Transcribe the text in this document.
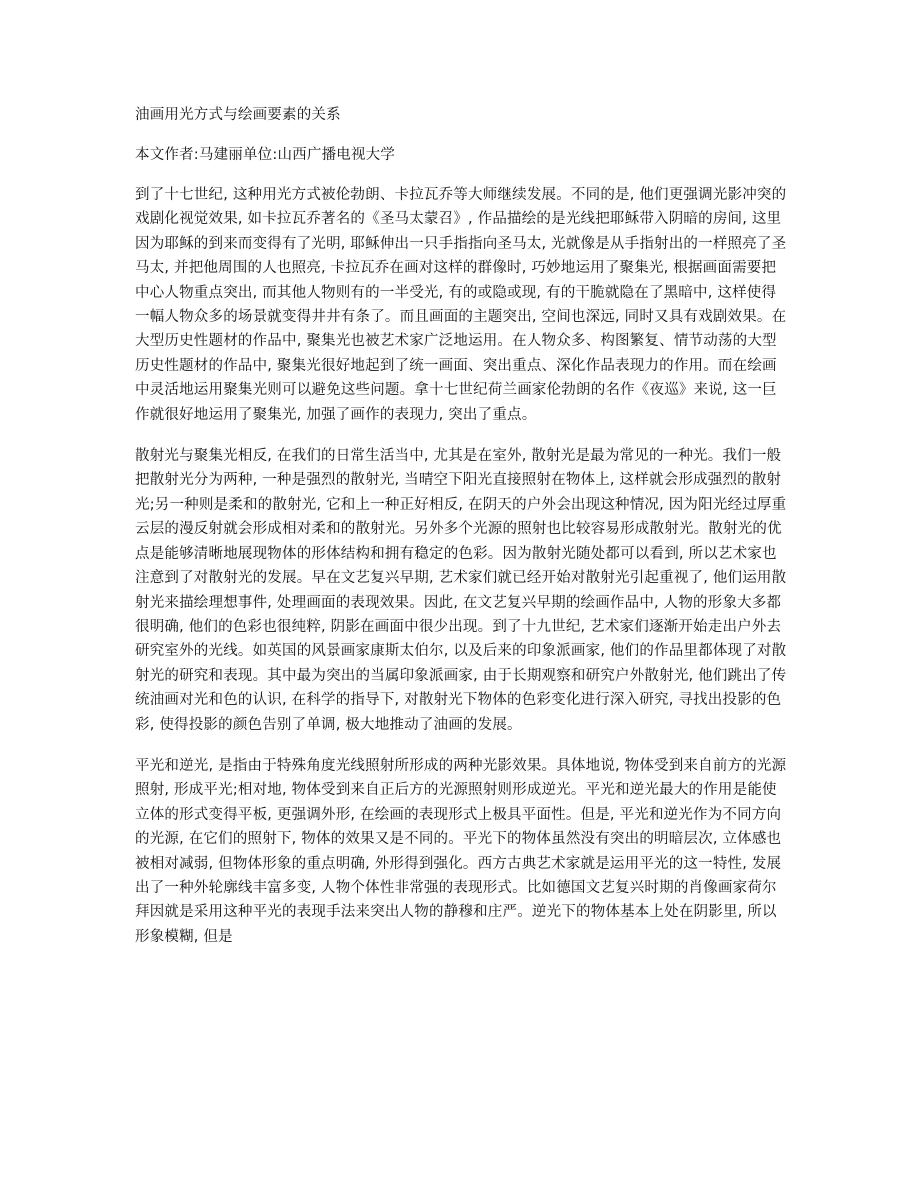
油画用光方式与绘画要素的关系
本文作者:马建丽单位:山西广播电视大学
到了十七世纪, 这种用光方式被伦勃朗、卡拉瓦乔等大师继续发展。不同的是, 他们更强调光影冲突的戏剧化视觉效果, 如卡拉瓦乔著名的《圣马太蒙召》, 作品描绘的是光线把耶稣带入阴暗的房间, 这里因为耶稣的到来而变得有了光明, 耶稣伸出一只手指指向圣马太, 光就像是从手指射出的一样照亮了圣马太, 并把他周围的人也照亮, 卡拉瓦乔在画对这样的群像时, 巧妙地运用了聚集光, 根据画面需要把中心人物重点突出, 而其他人物则有的一半受光, 有的或隐或现, 有的干脆就隐在了黑暗中, 这样使得一幅人物众多的场景就变得井井有条了。而且画面的主题突出, 空间也深远, 同时又具有戏剧效果。在大型历史性题材的作品中, 聚集光也被艺术家广泛地运用。在人物众多、构图繁复、情节动荡的大型历史性题材的作品中, 聚集光很好地起到了统一画面、突出重点、深化作品表现力的作用。而在绘画中灵活地运用聚集光则可以避免这些问题。拿十七世纪荷兰画家伦勃朗的名作《夜巡》来说, 这一巨作就很好地运用了聚集光, 加强了画作的表现力, 突出了重点。
散射光与聚集光相反, 在我们的日常生活当中, 尤其是在室外, 散射光是最为常见的一种光。我们一般把散射光分为两种, 一种是强烈的散射光, 当晴空下阳光直接照射在物体上, 这样就会形成强烈的散射光;另一种则是柔和的散射光, 它和上一种正好相反, 在阴天的户外会出现这种情况, 因为阳光经过厚重云层的漫反射就会形成相对柔和的散射光。另外多个光源的照射也比较容易形成散射光。散射光的优点是能够清晰地展现物体的形体结构和拥有稳定的色彩。因为散射光随处都可以看到, 所以艺术家也注意到了对散射光的发展。早在文艺复兴早期, 艺术家们就已经开始对散射光引起重视了, 他们运用散射光来描绘理想事件, 处理画面的表现效果。因此, 在文艺复兴早期的绘画作品中, 人物的形象大多都很明确, 他们的色彩也很纯粹, 阴影在画面中很少出现。到了十九世纪, 艺术家们逐渐开始走出户外去研究室外的光线。如英国的风景画家康斯太伯尔, 以及后来的印象派画家, 他们的作品里都体现了对散射光的研究和表现。其中最为突出的当属印象派画家, 由于长期观察和研究户外散射光, 他们跳出了传统油画对光和色的认识, 在科学的指导下, 对散射光下物体的色彩变化进行深入研究, 寻找出投影的色彩, 使得投影的颜色告别了单调, 极大地推动了油画的发展。
平光和逆光, 是指由于特殊角度光线照射所形成的两种光影效果。具体地说, 物体受到来自前方的光源照射, 形成平光;相对地, 物体受到来自正后方的光源照射则形成逆光。平光和逆光最大的作用是能使立体的形式变得平板, 更强调外形, 在绘画的表现形式上极具平面性。但是, 平光和逆光作为不同方向的光源, 在它们的照射下, 物体的效果又是不同的。平光下的物体虽然没有突出的明暗层次, 立体感也被相对减弱, 但物体形象的重点明确, 外形得到强化。西方古典艺术家就是运用平光的这一特性, 发展出了一种外轮廓线丰富多变, 人物个体性非常强的表现形式。比如德国文艺复兴时期的肖像画家荷尔拜因就是采用这种平光的表现手法来突出人物的静穆和庄严。逆光下的物体基本上处在阴影里, 所以形象模糊, 但是
